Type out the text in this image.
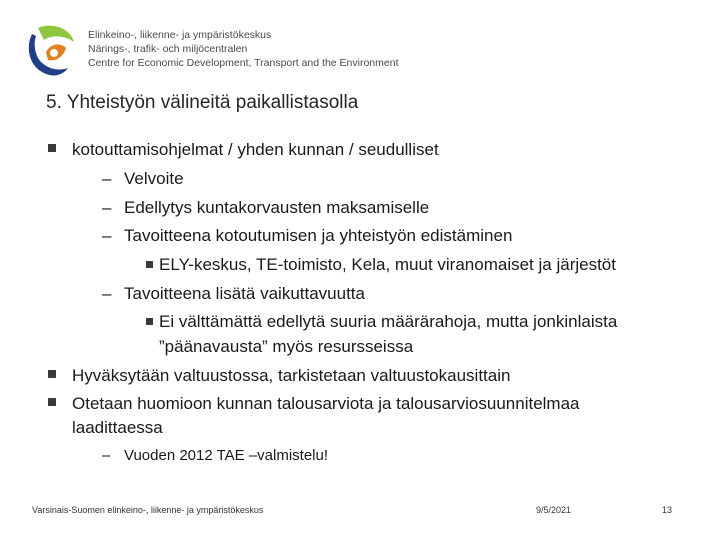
Elinkeino-, liikenne- ja ympäristökeskus
Närings-, trafik- och miljöcentralen
Centre for Economic Development, Transport and the Environment
5. Yhteistyön välineitä paikallistasolla
kotouttamisohjelmat / yhden kunnan / seudulliset
– Velvoite
– Edellytys kuntakorvausten maksamiselle
– Tavoitteena kotoutumisen ja yhteistyön edistäminen
ELY-keskus, TE-toimisto, Kela, muut viranomaiset ja järjestöt
– Tavoitteena lisätä vaikuttavuutta
Ei välttämättä edellytä suuria määrärahoja, mutta jonkinlaista
”päänavausta” myös resursseissa
Hyväksytään valtuustossa, tarkistetaan valtuustokausittain
Otetaan huomioon kunnan talousarviota ja talousarviosuunnitelmaa
laadittaessa
– Vuoden 2012 TAE –valmistelu!
Varsinais-Suomen elinkeino-, liikenne- ja ympäristökeskus	9/5/2021	13
